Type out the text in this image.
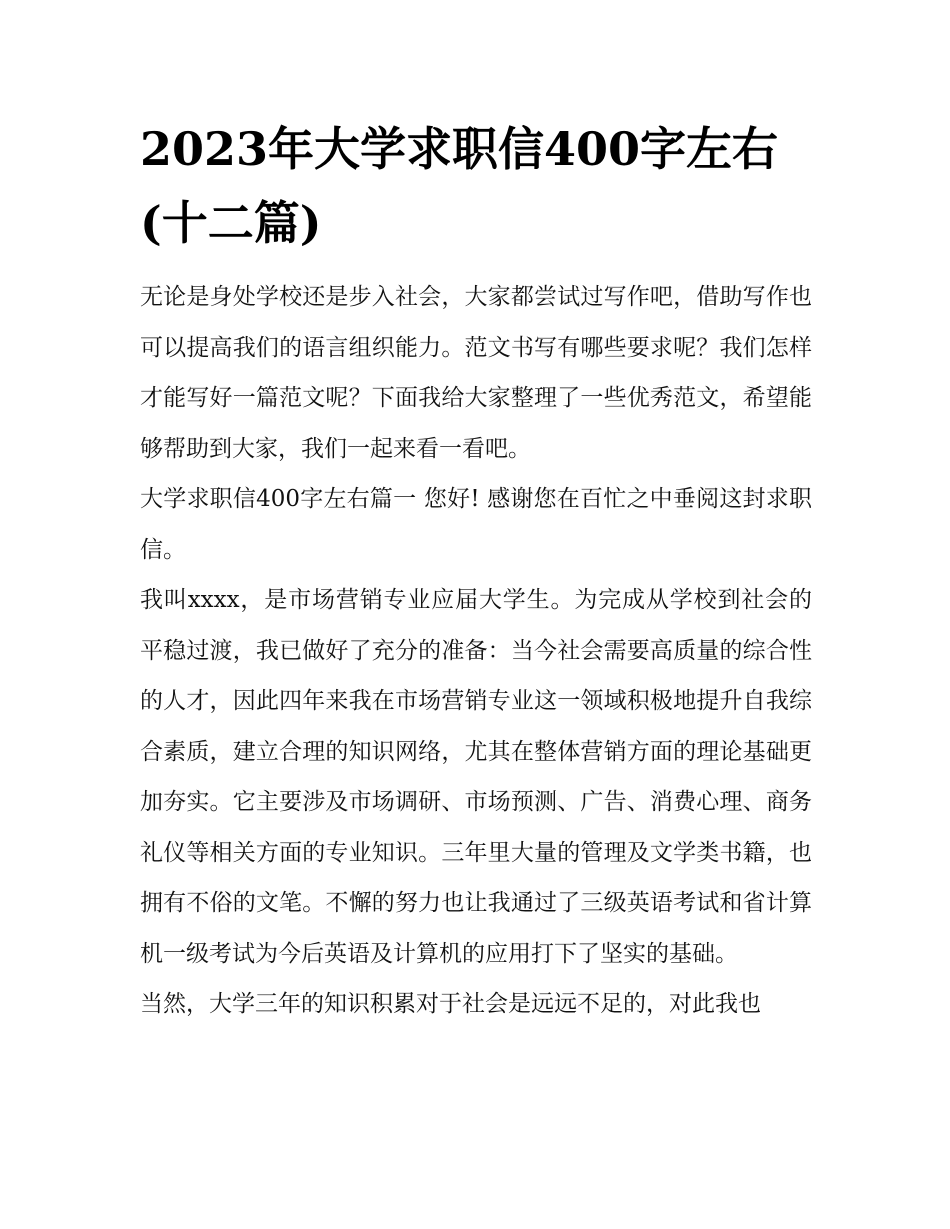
2023年大学求职信400字左右(十二篇)

无论是身处学校还是步入社会，大家都尝试过写作吧，借助写作也可以提高我们的语言组织能力。范文书写有哪些要求呢？我们怎样才能写好一篇范文呢？下面我给大家整理了一些优秀范文，希望能够帮助到大家，我们一起来看一看吧。

大学求职信400字左右篇一 您好! 感谢您在百忙之中垂阅这封求职信。

我叫xxxx，是市场营销专业应届大学生。为完成从学校到社会的平稳过渡，我已做好了充分的准备：当今社会需要高质量的综合性的人才，因此四年来我在市场营销专业这一领域积极地提升自我综合素质，建立合理的知识网络，尤其在整体营销方面的理论基础更加夯实。它主要涉及市场调研、市场预测、广告、消费心理、商务礼仪等相关方面的专业知识。三年里大量的管理及文学类书籍，也拥有不俗的文笔。不懈的努力也让我通过了三级英语考试和省计算机一级考试为今后英语及计算机的应用打下了坚实的基础。

当然，大学三年的知识积累对于社会是远远不足的，对此我也
